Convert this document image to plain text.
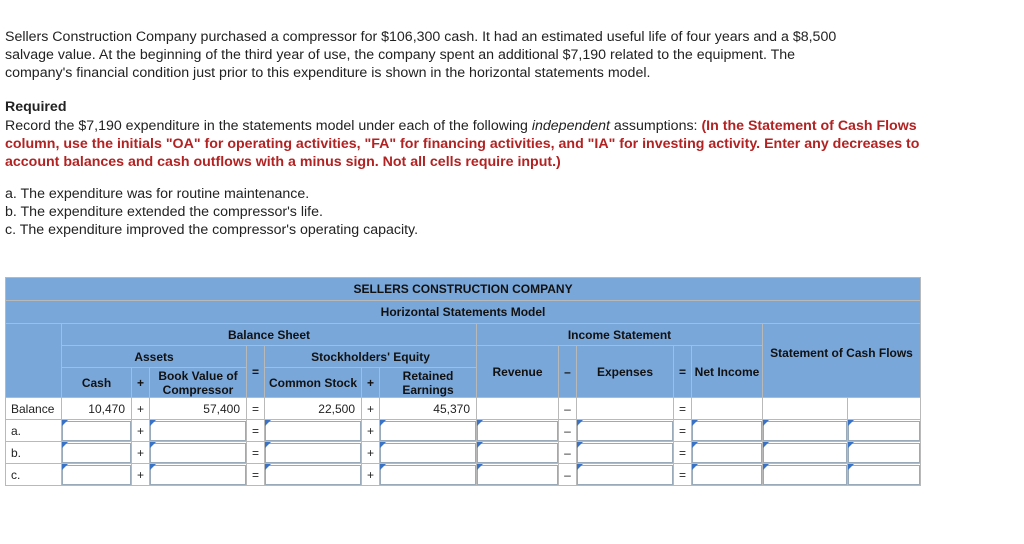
Sellers Construction Company purchased a compressor for $106,300 cash. It had an estimated useful life of four years and a $8,500

salvage value. At the beginning of the third year of use, the company spent an additional $7,190 related to the equipment. The

company's financial condition just prior to this expenditure is shown in the horizontal statements model.

Required
Record the $7,190 expenditure in the statements model under each of the following independent assumptions: (In the Statement of Cash Flows column, use the initials "OA" for operating activities, "FA" for financing activities, and "IA" for investing activity. Enter any decreases to account balances and cash outflows with a minus sign. Not all cells require input.)
a. The expenditure was for routine maintenance.
b. The expenditure extended the compressor's life.
c. The expenditure improved the compressor's operating capacity.
SELLERS CONSTRUCTION COMPANY														
Horizontal Statements Model														
	Balance Sheet							Income Statement						
	Assets			=	Stockholders' Equity			Revenue	–	Expenses	=	Net Income	Statement of Cash Flows	
	Cash	+	Book Value of Compressor		Common Stock	+	Retained Earnings							
Balance	10,470	+	57,400	=	22,500	+	45,370		–		=			
a.		+		=		+			–		=			
b.		+		=		+			–		=			
c.		+		=		+			–		=			
